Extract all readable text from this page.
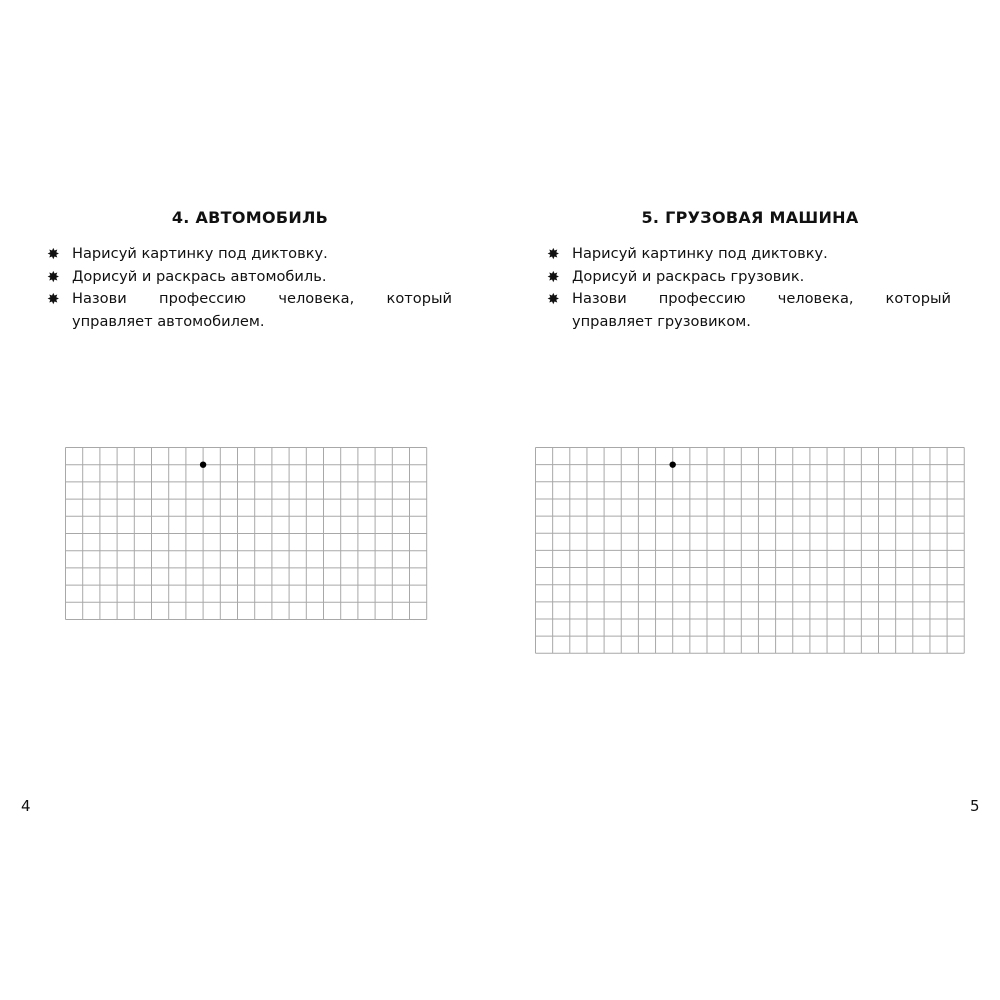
4. АВТОМОБИЛЬ
✸ Нарисуй картинку под диктовку.
✸ Дорисуй и раскрась автомобиль.
✸ Назови профессию человека, который управляет автомобилем.
4
5. ГРУЗОВАЯ МАШИНА
✸ Нарисуй картинку под диктовку.
✸ Дорисуй и раскрась грузовик.
✸ Назови профессию человека, который управляет грузовиком.
5
